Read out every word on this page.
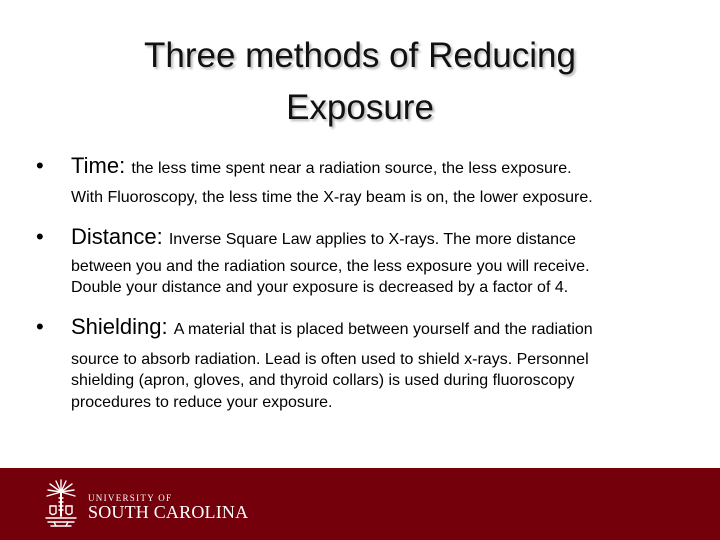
Three methods of Reducing
Exposure
• Time: the less time spent near a radiation source, the less exposure.
With Fluoroscopy, the less time the X-ray beam is on, the lower exposure.
• Distance: Inverse Square Law applies to X-rays. The more distance
between you and the radiation source, the less exposure you will receive.
Double your distance and your exposure is decreased by a factor of 4.
• Shielding: A material that is placed between yourself and the radiation
source to absorb radiation. Lead is often used to shield x-rays. Personnel
shielding (apron, gloves, and thyroid collars) is used during fluoroscopy
procedures to reduce your exposure.
UNIVERSITY OF
SOUTH CAROLINA
